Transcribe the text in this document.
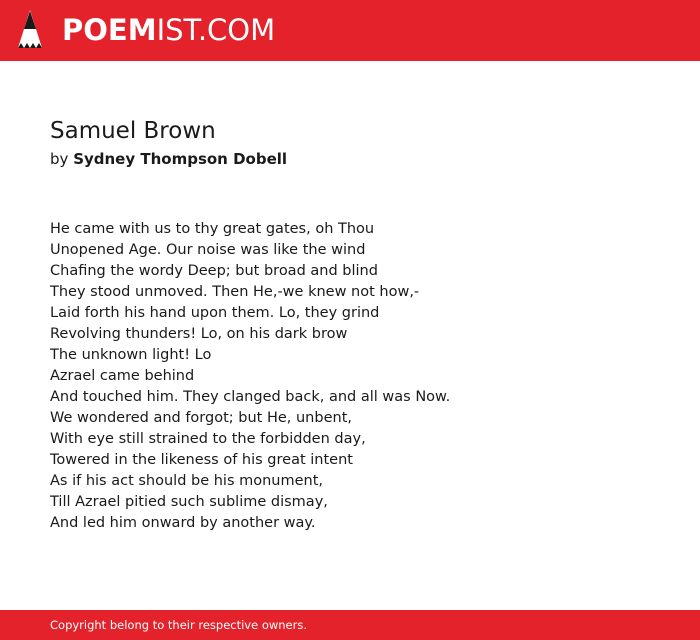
POEMIST.COM
Samuel Brown
by Sydney Thompson Dobell
He came with us to thy great gates, oh Thou
Unopened Age. Our noise was like the wind
Chafing the wordy Deep; but broad and blind
They stood unmoved. Then He,-we knew not how,-
Laid forth his hand upon them. Lo, they grind
Revolving thunders! Lo, on his dark brow
The unknown light! Lo
Azrael came behind
And touched him. They clanged back, and all was Now.
We wondered and forgot; but He, unbent,
With eye still strained to the forbidden day,
Towered in the likeness of his great intent
As if his act should be his monument,
Till Azrael pitied such sublime dismay,
And led him onward by another way.
Copyright belong to their respective owners.
